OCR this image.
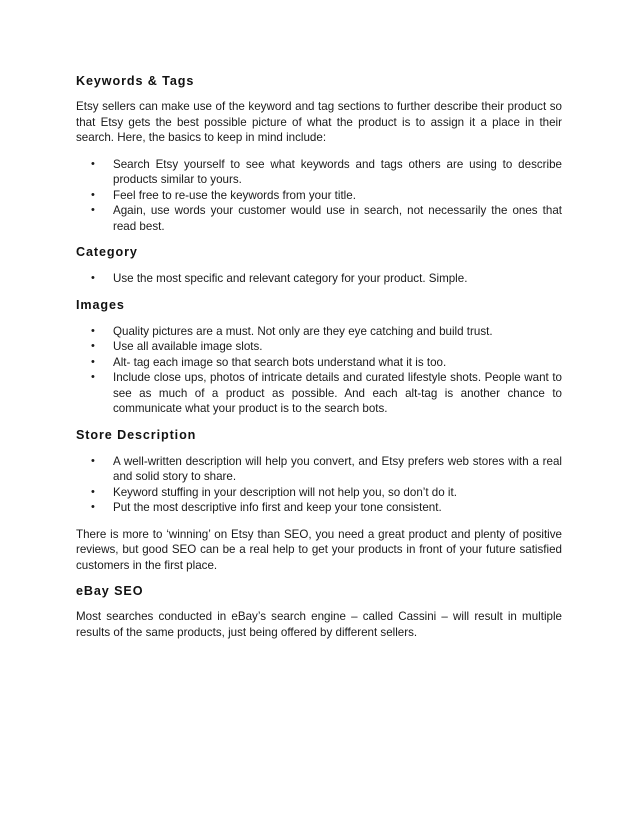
Keywords & Tags

Etsy sellers can make use of the keyword and tag sections to further describe their product so that Etsy gets the best possible picture of what the product is to assign it a place in their search. Here, the basics to keep in mind include:

• Search Etsy yourself to see what keywords and tags others are using to describe products similar to yours.
• Feel free to re-use the keywords from your title.
• Again, use words your customer would use in search, not necessarily the ones that read best.
Category
• Use the most specific and relevant category for your product. Simple.
Images
• Quality pictures are a must. Not only are they eye catching and build trust.
• Use all available image slots.
• Alt- tag each image so that search bots understand what it is too.
• Include close ups, photos of intricate details and curated lifestyle shots. People want to see as much of a product as possible. And each alt-tag is another chance to communicate what your product is to the search bots.
Store Description
• A well-written description will help you convert, and Etsy prefers web stores with a real and solid story to share.
• Keyword stuffing in your description will not help you, so don’t do it.
• Put the most descriptive info first and keep your tone consistent.

There is more to ‘winning’ on Etsy than SEO, you need a great product and plenty of positive reviews, but good SEO can be a real help to get your products in front of your future satisfied customers in the first place.

eBay SEO

Most searches conducted in eBay’s search engine – called Cassini – will result in multiple results of the same products, just being offered by different sellers.
